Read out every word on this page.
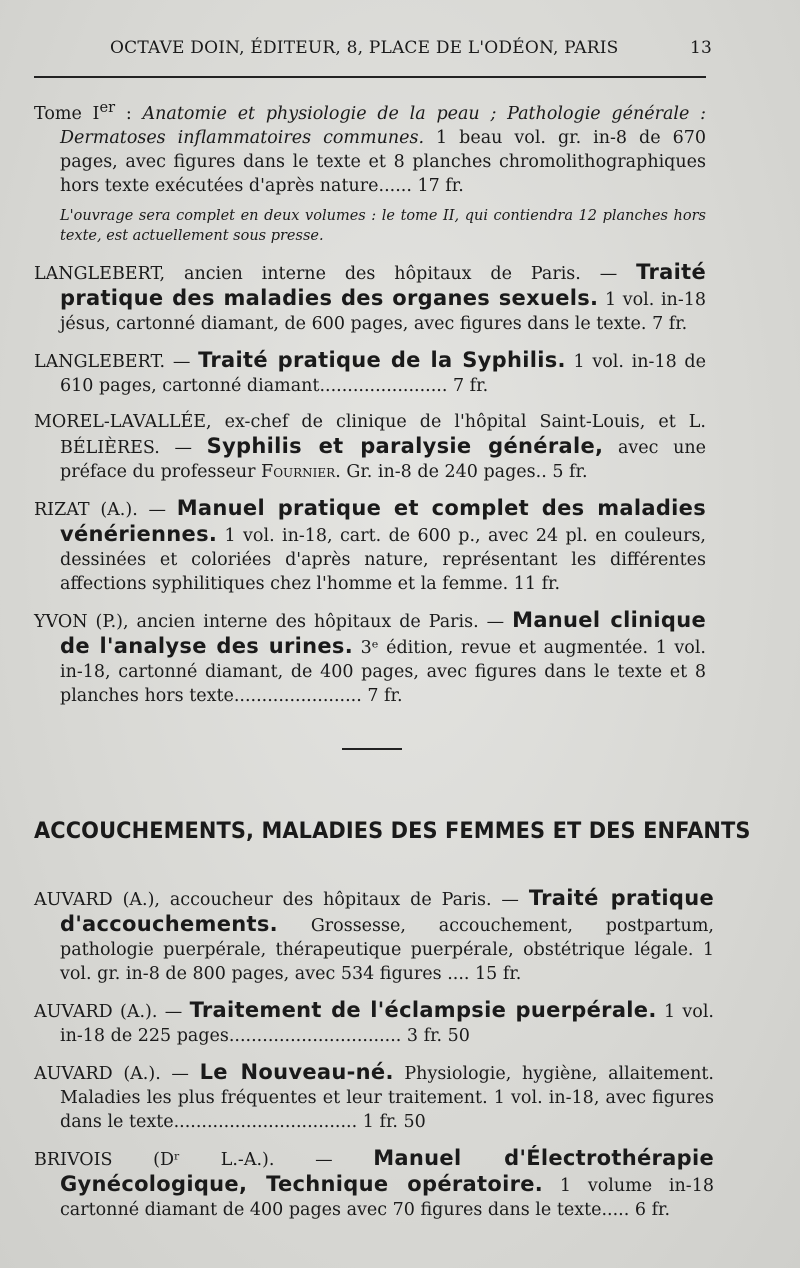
OCTAVE DOIN, ÉDITEUR, 8, PLACE DE L'ODÉON, PARIS	13

Tome Ier : Anatomie et physiologie de la peau ; Pathologie générale : Dermatoses inflammatoires communes. 1 beau vol. gr. in-8 de 670 pages, avec figures dans le texte et 8 planches chromolithographiques hors texte exécutées d'après nature...... 17 fr.

L'ouvrage sera complet en deux volumes : le tome II, qui contiendra 12 planches hors texte, est actuellement sous presse.

LANGLEBERT, ancien interne des hôpitaux de Paris. — Traité pratique des maladies des organes sexuels. 1 vol. in-18 jésus, cartonné diamant, de 600 pages, avec figures dans le texte. 7 fr.

LANGLEBERT. — Traité pratique de la Syphilis. 1 vol. in-18 de 610 pages, cartonné diamant....................... 7 fr.

MOREL-LAVALLÉE, ex-chef de clinique de l'hôpital Saint-Louis, et L. BÉLIÈRES. — Syphilis et paralysie générale, avec une préface du professeur Fournier. Gr. in-8 de 240 pages.. 5 fr.

RIZAT (A.). — Manuel pratique et complet des maladies vénériennes. 1 vol. in-18, cart. de 600 p., avec 24 pl. en couleurs, dessinées et coloriées d'après nature, représentant les différentes affections syphilitiques chez l'homme et la femme. 11 fr.

YVON (P.), ancien interne des hôpitaux de Paris. — Manuel clinique de l'analyse des urines. 3ᵉ édition, revue et augmentée. 1 vol. in-18, cartonné diamant, de 400 pages, avec figures dans le texte et 8 planches hors texte....................... 7 fr.

ACCOUCHEMENTS, MALADIES DES FEMMES ET DES ENFANTS

AUVARD (A.), accoucheur des hôpitaux de Paris. — Traité pratique d'accouchements. Grossesse, accouchement, postpartum, pathologie puerpérale, thérapeutique puerpérale, obstétrique légale. 1 vol. gr. in-8 de 800 pages, avec 534 figures .... 15 fr.

AUVARD (A.). — Traitement de l'éclampsie puerpérale. 1 vol. in-18 de 225 pages............................... 3 fr. 50

AUVARD (A.). — Le Nouveau-né. Physiologie, hygiène, allaitement. Maladies les plus fréquentes et leur traitement. 1 vol. in-18, avec figures dans le texte................................. 1 fr. 50

BRIVOIS (Dʳ L.-A.). — Manuel d'Électrothérapie Gynécologique, Technique opératoire. 1 volume in-18 cartonné diamant de 400 pages avec 70 figures dans le texte..... 6 fr.
